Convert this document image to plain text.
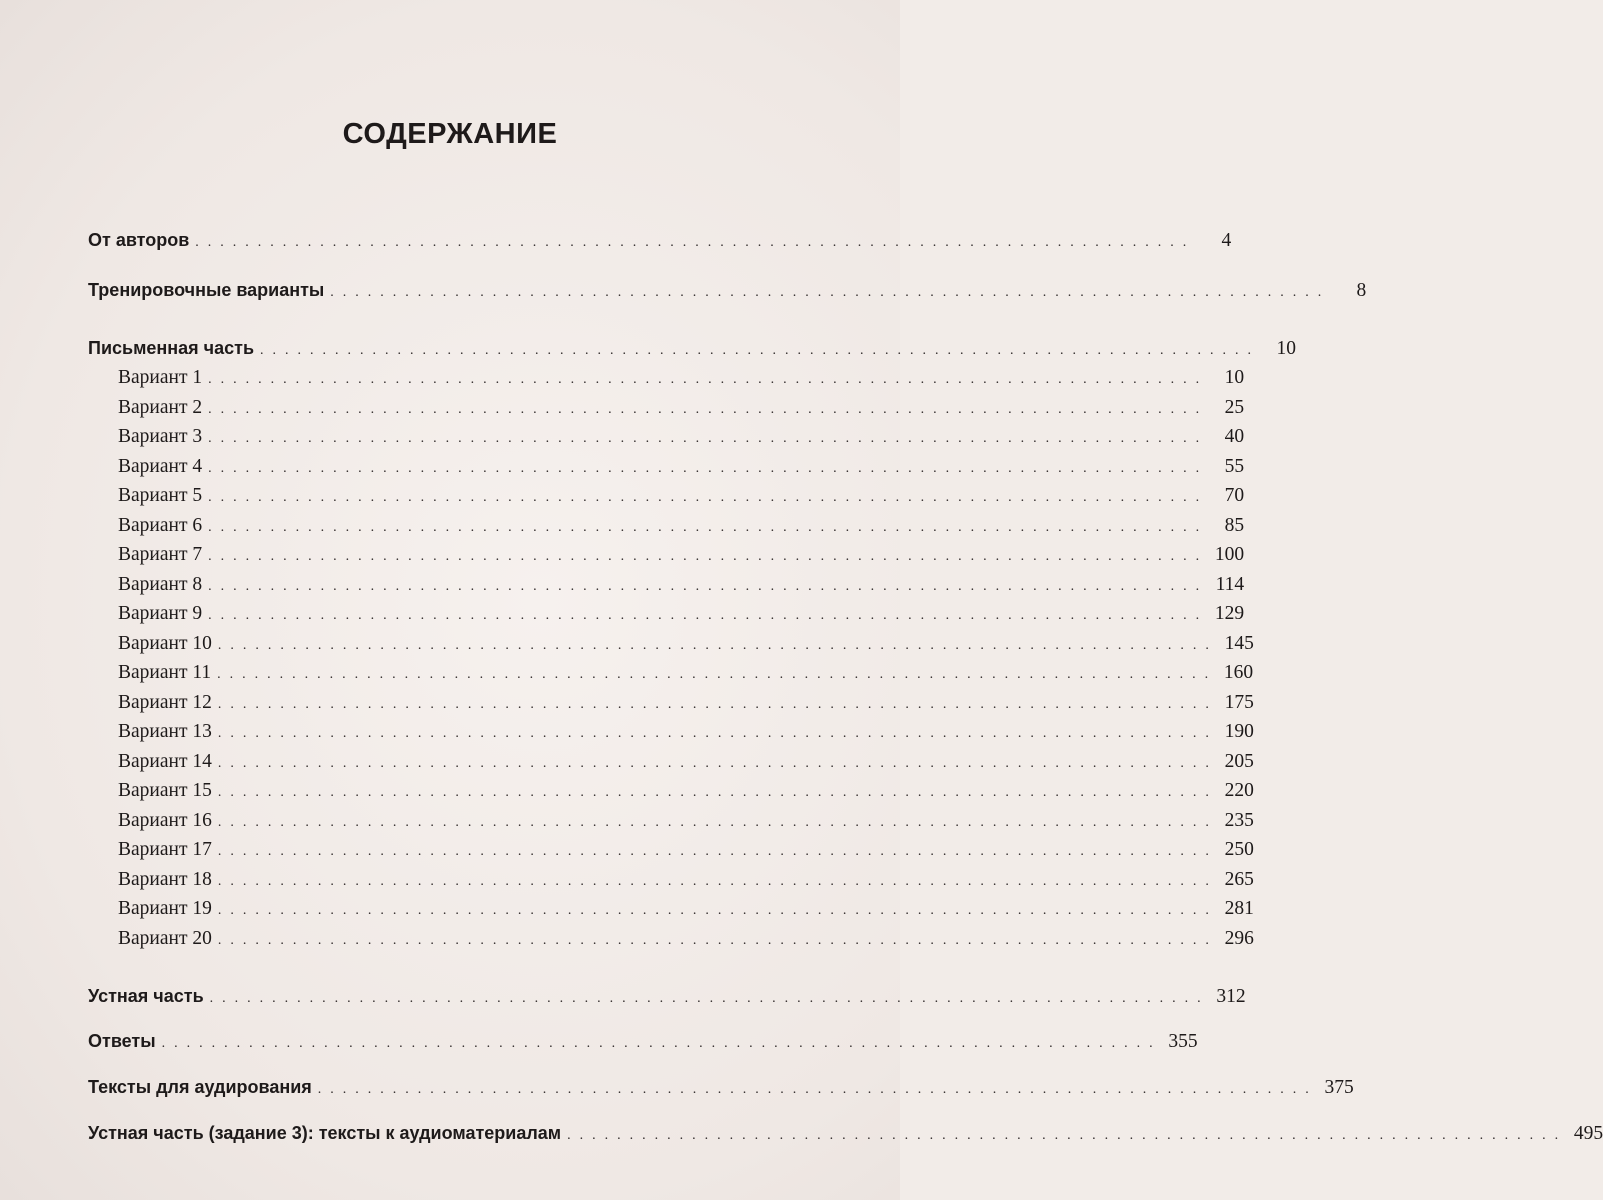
СОДЕРЖАНИЕ
От авторов ................................................................................	4
Тренировочные варианты ................................................................................	8
Письменная часть ................................................................................ 10
Вариант 1 ................................................................................ 10
Вариант 2 ................................................................................ 25
Вариант 3 ................................................................................ 40
Вариант 4 ................................................................................ 55
Вариант 5 ................................................................................ 70
Вариант 6 ................................................................................ 85
Вариант 7 ................................................................................ 100
Вариант 8 ................................................................................ 114
Вариант 9 ................................................................................ 129
Вариант 10 ................................................................................ 145
Вариант 11 ................................................................................ 160
Вариант 12 ................................................................................ 175
Вариант 13 ................................................................................ 190
Вариант 14 ................................................................................ 205
Вариант 15 ................................................................................ 220
Вариант 16 ................................................................................ 235
Вариант 17 ................................................................................ 250
Вариант 18 ................................................................................ 265
Вариант 19 ................................................................................ 281
Вариант 20 ................................................................................ 296
Устная часть ................................................................................ 312
Ответы ................................................................................ 355
Тексты для аудирования ................................................................................ 375
Устная часть (задание 3): тексты к аудиоматериалам ................................................................................ 495
